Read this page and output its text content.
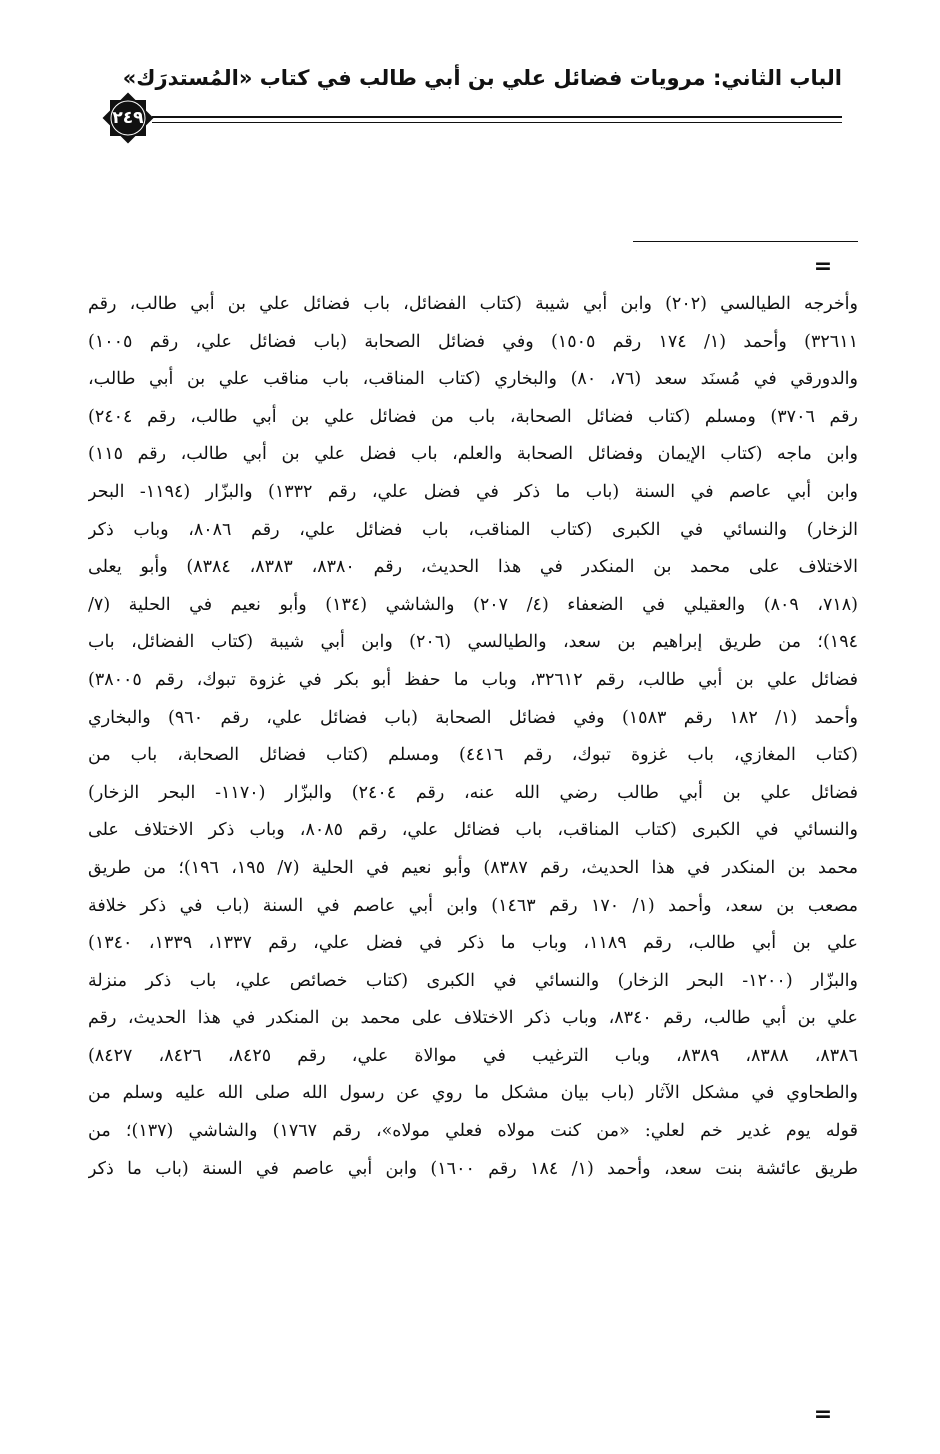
الباب الثاني: مرويات فضائل علي بن أبي طالب في كتاب «المُستدرَك»
٢٤٩
=
وأخرجه الطيالسي (٢٠٢) وابن أبي شيبة (كتاب الفضائل، باب فضائل علي بن أبي طالب، رقم
٣٢٦١١) وأحمد (١/ ١٧٤ رقم ١٥٠٥) وفي فضائل الصحابة (باب فضائل علي، رقم ١٠٠٥)
والدورقي في مُسنَد سعد (٧٦، ٨٠) والبخاري (كتاب المناقب، باب مناقب علي بن أبي طالب،
رقم ٣٧٠٦) ومسلم (كتاب فضائل الصحابة، باب من فضائل علي بن أبي طالب، رقم ٢٤٠٤)
وابن ماجه (كتاب الإيمان وفضائل الصحابة والعلم، باب فضل علي بن أبي طالب، رقم ١١٥)
وابن أبي عاصم في السنة (باب ما ذكر في فضل علي، رقم ١٣٣٢) والبزّار (١١٩٤- البحر
الزخار) والنسائي في الكبرى (كتاب المناقب، باب فضائل علي، رقم ٨٠٨٦، وباب ذكر
الاختلاف على محمد بن المنكدر في هذا الحديث، رقم ٨٣٨٠، ٨٣٨٣، ٨٣٨٤) وأبو يعلى
(٧١٨، ٨٠٩) والعقيلي في الضعفاء (٤/ ٢٠٧) والشاشي (١٣٤) وأبو نعيم في الحلية (٧/
١٩٤)؛ من طريق إبراهيم بن سعد، والطيالسي (٢٠٦) وابن أبي شيبة (كتاب الفضائل، باب
فضائل علي بن أبي طالب، رقم ٣٢٦١٢، وباب ما حفظ أبو بكر في غزوة تبوك، رقم ٣٨٠٠٥)
وأحمد (١/ ١٨٢ رقم ١٥٨٣) وفي فضائل الصحابة (باب فضائل علي، رقم ٩٦٠) والبخاري
(كتاب المغازي، باب غزوة تبوك، رقم ٤٤١٦) ومسلم (كتاب فضائل الصحابة، باب من
فضائل علي بن أبي طالب رضي الله عنه، رقم ٢٤٠٤) والبزّار (١١٧٠- البحر الزخار)
والنسائي في الكبرى (كتاب المناقب، باب فضائل علي، رقم ٨٠٨٥، وباب ذكر الاختلاف على
محمد بن المنكدر في هذا الحديث، رقم ٨٣٨٧) وأبو نعيم في الحلية (٧/ ١٩٥، ١٩٦)؛ من طريق
مصعب بن سعد، وأحمد (١/ ١٧٠ رقم ١٤٦٣) وابن أبي عاصم في السنة (باب في ذكر خلافة
علي بن أبي طالب، رقم ١١٨٩، وباب ما ذكر في فضل علي، رقم ١٣٣٧، ١٣٣٩، ١٣٤٠)
والبزّار (١٢٠٠- البحر الزخار) والنسائي في الكبرى (كتاب خصائص علي، باب ذكر منزلة
علي بن أبي طالب، رقم ٨٣٤٠، وباب ذكر الاختلاف على محمد بن المنكدر في هذا الحديث، رقم
٨٣٨٦، ٨٣٨٨، ٨٣٨٩، وباب الترغيب في موالاة علي، رقم ٨٤٢٥، ٨٤٢٦، ٨٤٢٧)
والطحاوي في مشكل الآثار (باب بيان مشكل ما روي عن رسول الله صلى الله عليه وسلم من
قوله يوم غدير خم لعلي: «من كنت مولاه فعلي مولاه»، رقم ١٧٦٧) والشاشي (١٣٧)؛ من
طريق عائشة بنت سعد، وأحمد (١/ ١٨٤ رقم ١٦٠٠) وابن أبي عاصم في السنة (باب ما ذكر
=
